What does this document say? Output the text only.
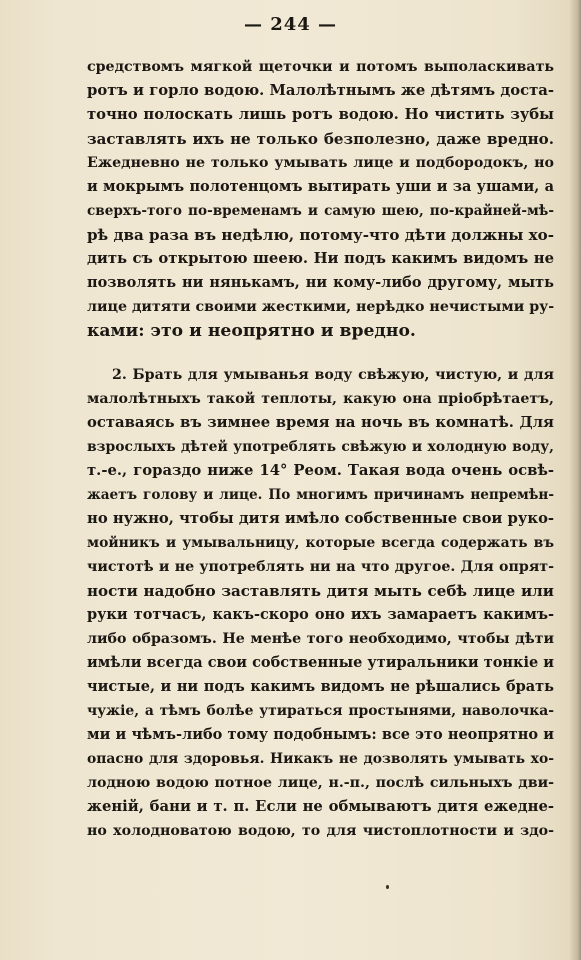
— 244 —
средствомъ мягкой щеточки и потомъ выполаскивать
ротъ и горло водою. Малолѣтнымъ же дѣтямъ доста-
точно полоскать лишь ротъ водою. Но чистить зубы
заставлять ихъ не только безполезно, даже вредно.
Ежедневно не только умывать лице и подбородокъ, но
и мокрымъ полотенцомъ вытирать уши и за ушами, а
сверхъ-того по-временамъ и самую шею, по-крайней-мѣ-
рѣ два раза въ недѣлю, потому-что дѣти должны хо-
дить съ открытою шеею. Ни подъ какимъ видомъ не
позволять ни нянькамъ, ни кому-либо другому, мыть
лице дитяти своими жесткими, нерѣдко нечистыми ру-
ками: это и неопрятно и вредно.
2. Брать для умыванья воду свѣжую, чистую, и для
малолѣтныхъ такой теплоты, какую она пріобрѣтаетъ,
оставаясь въ зимнее время на ночь въ комнатѣ. Для
взрослыхъ дѣтей употреблять свѣжую и холодную воду,
т.-е., гораздо ниже 14° Реом. Такая вода очень освѣ-
жаетъ голову и лице. По многимъ причинамъ непремѣн-
но нужно, чтобы дитя имѣло собственные свои руко-
мойникъ и умывальницу, которые всегда содержать въ
чистотѣ и не употреблять ни на что другое. Для опрят-
ности надобно заставлять дитя мыть себѣ лице или
руки тотчасъ, какъ-скоро оно ихъ замараетъ какимъ-
либо образомъ. Не менѣе того необходимо, чтобы дѣти
имѣли всегда свои собственные утиральники тонкіе и
чистые, и ни подъ какимъ видомъ не рѣшались брать
чужіе, а тѣмъ болѣе утираться простынями, наволочка-
ми и чѣмъ-либо тому подобнымъ: все это неопрятно и
опасно для здоровья. Никакъ не дозволять умывать хо-
лодною водою потное лице, н.-п., послѣ сильныхъ дви-
женій, бани и т. п. Если не обмываютъ дитя ежедне-
но холодноватою водою, то для чистоплотности и здо-
